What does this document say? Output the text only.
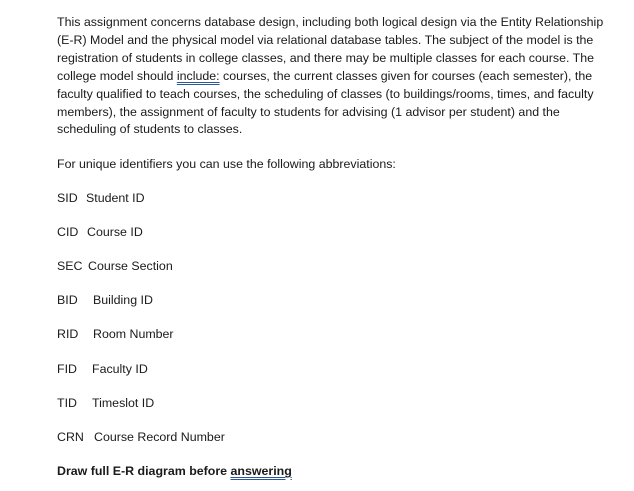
This assignment concerns database design, including both logical design via the Entity Relationship (E-R) Model and the physical model via relational database tables. The subject of the model is the registration of students in college classes, and there may be multiple classes for each course. The college model should include: courses, the current classes given for courses (each semester), the faculty qualified to teach courses, the scheduling of classes (to buildings/rooms, times, and faculty members), the assignment of faculty to students for advising (1 advisor per student) and the scheduling of students to classes.

For unique identifiers you can use the following abbreviations:

SID Student ID

CID Course ID

SEC Course Section

BID Building ID

RID Room Number

FID Faculty ID

TID Timeslot ID

CRN Course Record Number

Draw full E-R diagram before answering
